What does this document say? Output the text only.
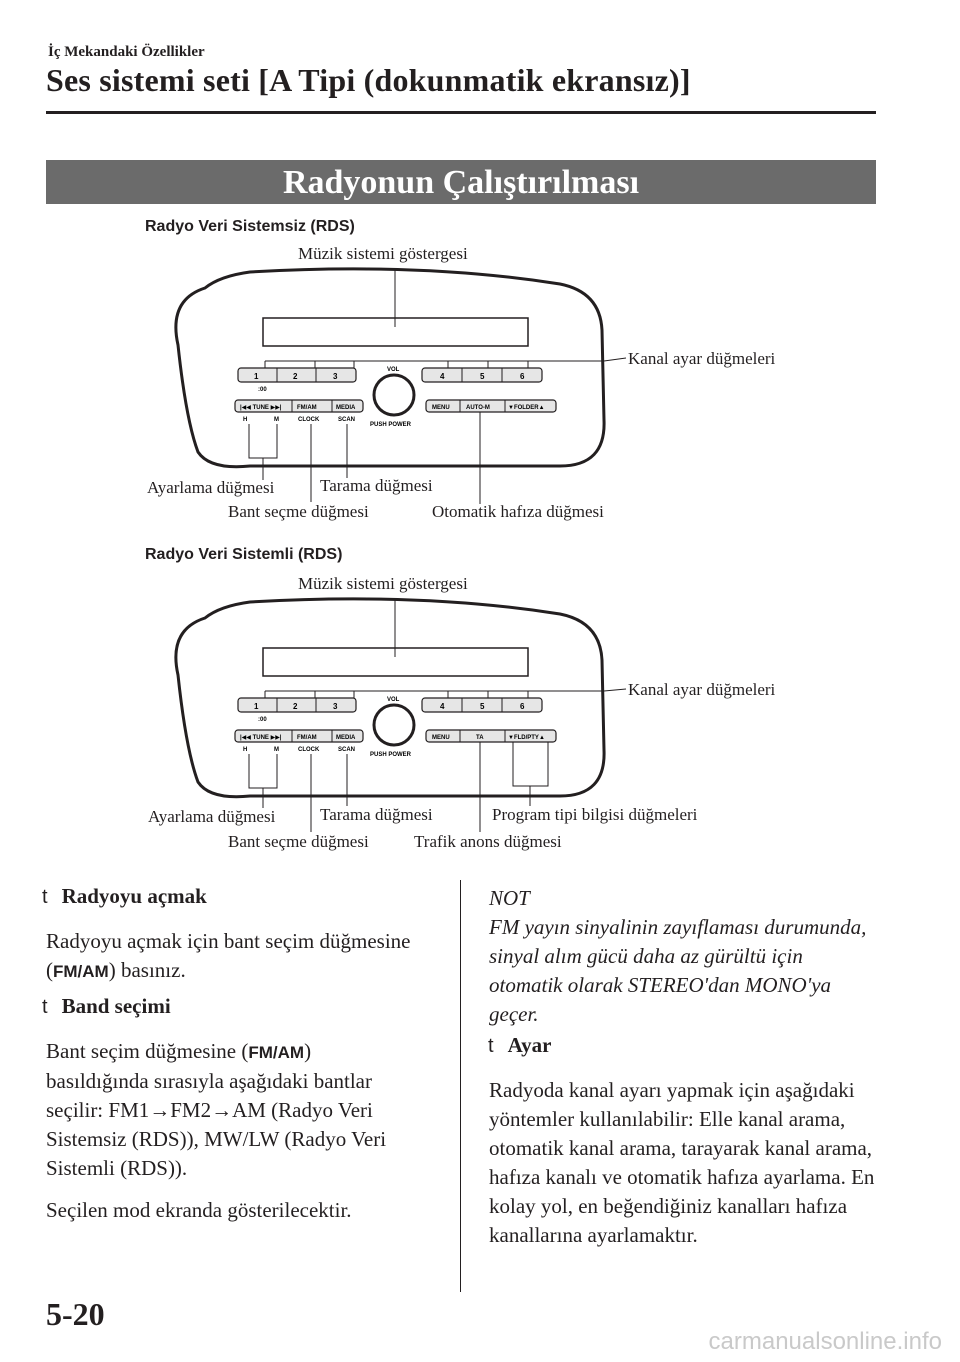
İç Mekandaki Özellikler
Ses sistemi seti [A Tipi (dokunmatik ekransız)]
Radyonun Çalıştırılması
Radyo Veri Sistemsiz (RDS)
Müzik sistemi göstergesi
Kanal ayar düğmeleri
Ayarlama düğmesi	Tarama düğmesi
Bant seçme düğmesi	Otomatik hafıza düğmesi
1	2	3	4	5	6
:00
VOL
PUSH POWER
|◀◀ TUNE ▶▶|	FM/AM	MEDIA	MENU	AUTO-M	▼FOLDER▲
H	M	CLOCK	SCAN
Radyo Veri Sistemli (RDS)
Müzik sistemi göstergesi
Kanal ayar düğmeleri
Ayarlama düğmesi	Tarama düğmesi	Program tipi bilgisi düğmeleri
Bant seçme düğmesi	Trafik anons düğmesi
1	2	3	4	5	6
:00
VOL
PUSH POWER
|◀◀ TUNE ▶▶|	FM/AM	MEDIA	MENU	TA	▼FLD/PTY▲
H	M	CLOCK	SCAN
t Radyoyu açmak

Radyoyu açmak için bant seçim düğmesine (FM/AM) basınız.

t Band seçimi

Bant seçim düğmesine (FM/AM) basıldığında sırasıyla aşağıdaki bantlar seçilir: FM1→FM2→AM (Radyo Veri Sistemsiz (RDS)), MW/LW (Radyo Veri Sistemli (RDS)).

Seçilen mod ekranda gösterilecektir.

NOT
FM yayın sinyalinin zayıflaması durumunda, sinyal alım gücü daha az gürültü için otomatik olarak STEREO'dan MONO'ya geçer.
t Ayar

Radyoda kanal ayarı yapmak için aşağıdaki yöntemler kullanılabilir: Elle kanal arama, otomatik kanal arama, tarayarak kanal arama, hafıza kanalı ve otomatik hafıza ayarlama. En kolay yol, en beğendiğiniz kanalları hafıza kanallarına ayarlamaktır.

5-20
carmanualsonline.info
